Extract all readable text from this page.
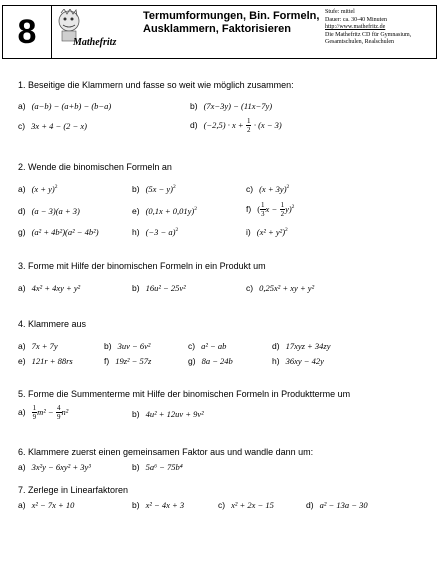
8	Mathefritz
Termumformungen, Bin. Formeln,
Ausklammern, Faktorisieren
Stufe: mittel
Dauer: ca. 30-40 Minuten
http://www.mathefritz.de
Die Mathefritz CD für Gymnasium,
Gesamtschulen, Realschulen
1. Beseitige die Klammern und fasse so weit wie möglich zusammen:
a) (a−b) − (a+b) − (b−a)	b) (7x−3y) − (11x−7y)
c) 3x + 4 − (2 − x)	d) $(-2,5) \cdot x + \frac{1}{2} \cdot (x - 3)$
2. Wende die binomischen Formeln an
a) $(x + y)^2$	b) $(5x - y)^2$	c) $(x + 3y)^2$
d) (a − 3)(a + 3)	e) $(0,1x + 0,01y)^2$	f) ( $\frac{1}{3}$ $x - \frac{1}{2} y)^2$
g) (a² + 4b²)(a² − 4b²)	h) $(-3 - a)^2$	i) $(x^2 + y^2)^2$
3. Forme mit Hilfe der binomischen Formeln in ein Produkt um
a) 4x² + 4xy + y²	b) 16u² − 25v²	c) 0,25x² + xy + y²
4. Klammere aus
a) 7x + 7y	b) 3uv − 6v²	c) a² − ab	d) 17xyz + 34zy
e) 121r + 88rs	f) 19z² − 57z	g) 8a − 24b	h) 36xy − 42y
5. Forme die Summenterme mit Hilfe der binomischen Formeln in Produktterme um
$a) \frac{1}{9} m^2 - \frac{4}{9} n^2$	b) 4u² + 12uv + 9v²
6. Klammere zuerst einen gemeinsamen Faktor aus und wandle dann um:
a) 3x²y − 6xy² + 3y³	b) 5a⁶ − 75b⁴
7. Zerlege in Linearfaktoren
a) x² − 7x + 10	b) x² − 4x + 3	c) x² + 2x − 15	d) a² − 13a − 30
